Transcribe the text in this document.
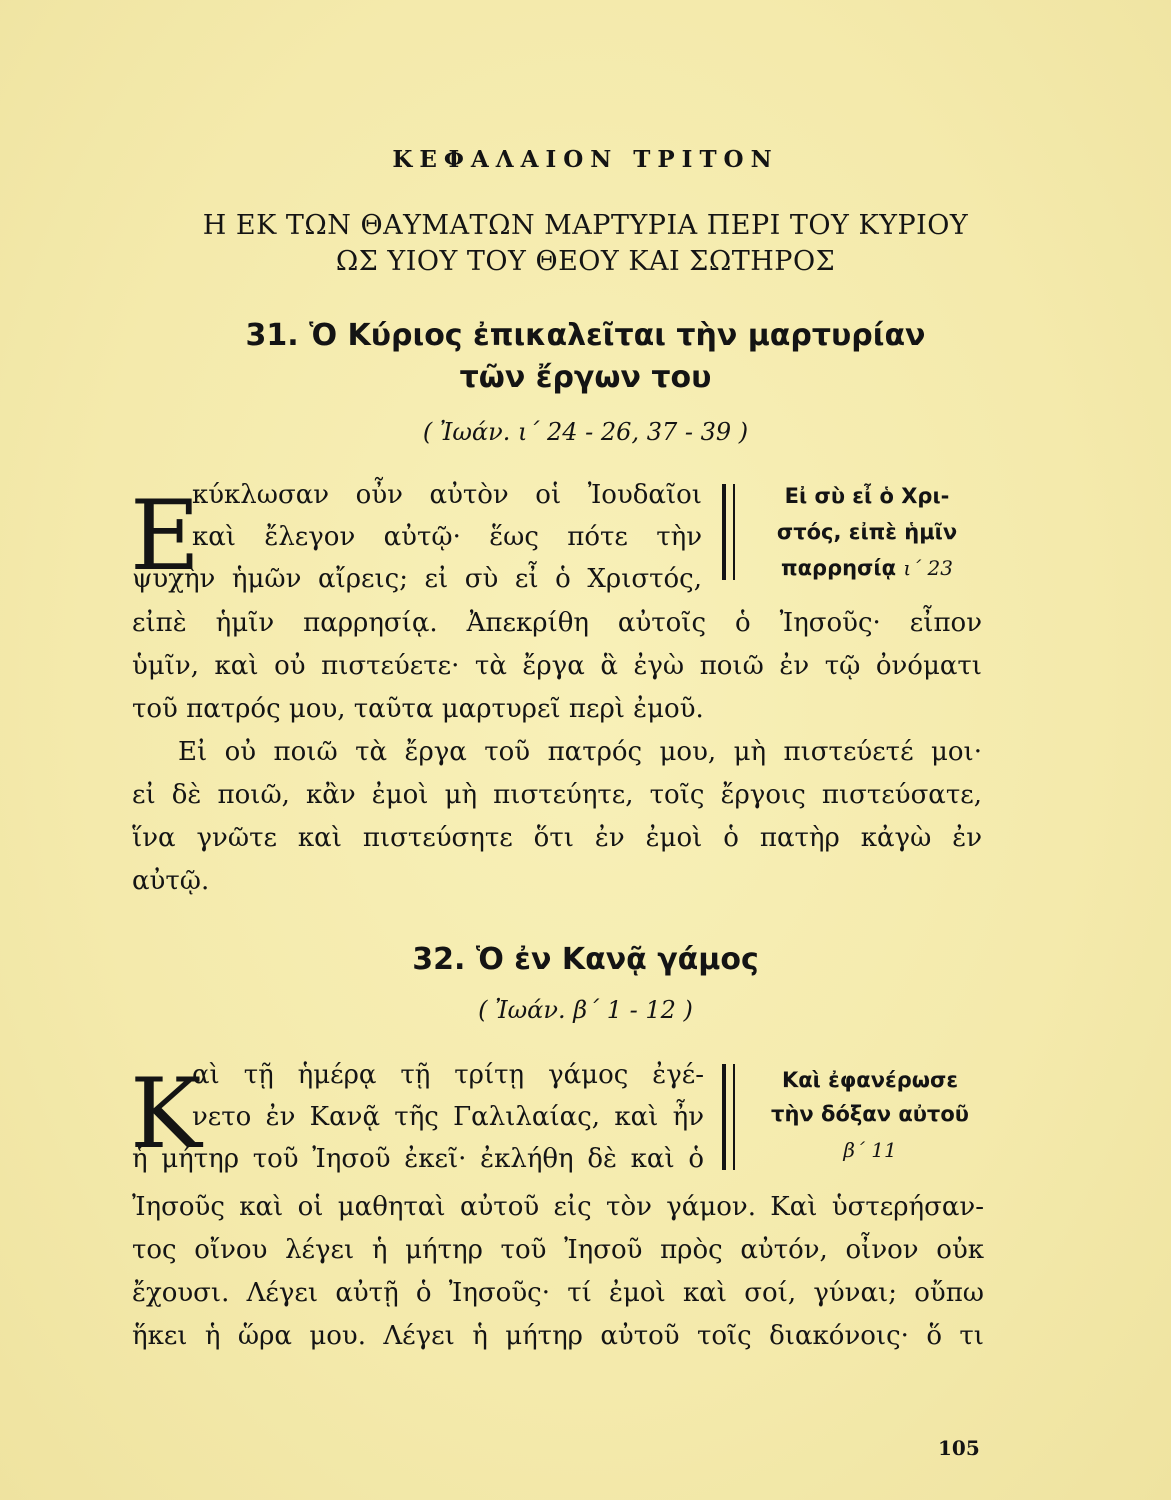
ΚΕΦΑΛΑΙΟΝ ΤΡΙΤΟΝ
Η ΕΚ ΤΩΝ ΘΑΥΜΑΤΩΝ ΜΑΡΤΥΡΙΑ ΠΕΡΙ ΤΟΥ ΚΥΡΙΟΥ
ΩΣ ΥΙΟΥ ΤΟΥ ΘΕΟΥ ΚΑΙ ΣΩΤΗΡΟΣ
31. Ὁ Κύριος ἐπικαλεῖται τὴν μαρτυρίαν
τῶν ἔργων του
( Ἰωάν. ι΄ 24 - 26, 37 - 39 )
Ε
κύκλωσαν οὖν αὐτὸν οἱ Ἰουδαῖοι
καὶ ἔλεγον αὐτῷ· ἕως πότε τὴν
ψυχὴν ἡμῶν αἴρεις; εἰ σὺ εἶ ὁ Χριστός,
Εἰ σὺ εἶ ὁ Χρι-
στός, εἰπὲ ἡμῖν
παρρησίᾳ ι΄ 23
εἰπὲ ἡμῖν παρρησίᾳ. Ἀπεκρίθη αὐτοῖς ὁ Ἰησοῦς· εἶπον
ὑμῖν, καὶ οὐ πιστεύετε· τὰ ἔργα ἃ ἐγὼ ποιῶ ἐν τῷ ὀνόματι
τοῦ πατρός μου, ταῦτα μαρτυρεῖ περὶ ἐμοῦ.
Εἰ οὐ ποιῶ τὰ ἔργα τοῦ πατρός μου, μὴ πιστεύετέ μοι·
εἰ δὲ ποιῶ, κἂν ἐμοὶ μὴ πιστεύητε, τοῖς ἔργοις πιστεύσατε,
ἵνα γνῶτε καὶ πιστεύσητε ὅτι ἐν ἐμοὶ ὁ πατὴρ κἀγὼ ἐν
αὐτῷ.
32. Ὁ ἐν Κανᾷ γάμος
( Ἰωάν. β΄ 1 - 12 )
Κ
αὶ τῇ ἡμέρᾳ τῇ τρίτῃ γάμος ἐγέ-
νετο ἐν Κανᾷ τῆς Γαλιλαίας, καὶ ἦν
ἡ μήτηρ τοῦ Ἰησοῦ ἐκεῖ· ἐκλήθη δὲ καὶ ὁ
Καὶ ἐφανέρωσε
τὴν δόξαν αὐτοῦ
β΄ 11
Ἰησοῦς καὶ οἱ μαθηταὶ αὐτοῦ εἰς τὸν γάμον. Καὶ ὑστερήσαν-
τος οἴνου λέγει ἡ μήτηρ τοῦ Ἰησοῦ πρὸς αὐτόν, οἶνον οὐκ
ἔχουσι. Λέγει αὐτῇ ὁ Ἰησοῦς· τί ἐμοὶ καὶ σοί, γύναι; οὔπω
ἥκει ἡ ὥρα μου. Λέγει ἡ μήτηρ αὐτοῦ τοῖς διακόνοις· ὅ τι
105
